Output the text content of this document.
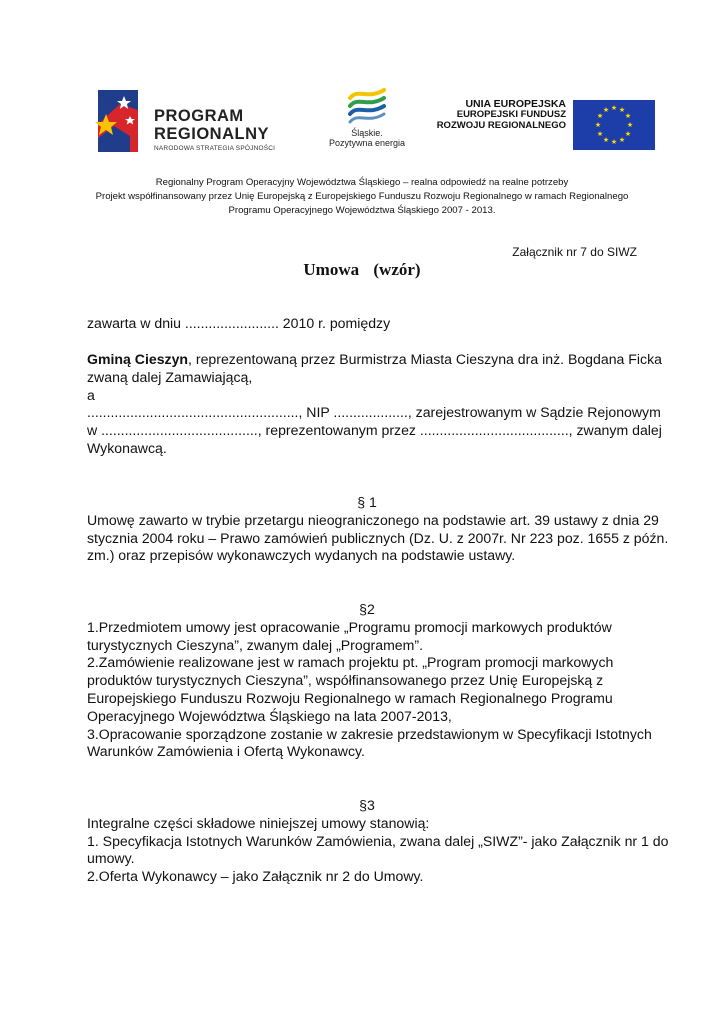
PROGRAM
REGIONALNY
NARODOWA STRATEGIA SPÓJNOŚCI
Śląskie.
Pozytywna energia
UNIA EUROPEJSKA
EUROPEJSKI FUNDUSZ
ROZWOJU REGIONALNEGO
★ ★
★
★
★
★
★
★
★
★
★
★
Regionalny Program Operacyjny Województwa Śląskiego – realna odpowiedź na realne potrzeby
Projekt współfinansowany przez Unię Europejską z Europejskiego Funduszu Rozwoju Regionalnego w ramach Regionalnego
Programu Operacyjnego Województwa Śląskiego 2007 - 2013.
Załącznik nr 7 do SIWZ
Umowa (wzór)

zawarta w dniu ........................ 2010 r. pomiędzy

Gminą Cieszyn, reprezentowaną przez Burmistrza Miasta Cieszyna dra inż. Bogdana Ficka

zwaną dalej Zamawiającą,

a

......................................................, NIP ..................., zarejestrowanym w Sądzie Rejonowym

w ........................................, reprezentowanym przez ......................................, zwanym dalej

Wykonawcą.

§ 1

Umowę zawarto w trybie przetargu nieograniczonego na podstawie art. 39 ustawy z dnia 29

stycznia 2004 roku – Prawo zamówień publicznych (Dz. U. z 2007r. Nr 223 poz. 1655 z późn.

zm.) oraz przepisów wykonawczych wydanych na podstawie ustawy.

§2

1.Przedmiotem umowy jest opracowanie „Programu promocji markowych produktów

turystycznych Cieszyna”, zwanym dalej „Programem”.

2.Zamówienie realizowane jest w ramach projektu pt. „Program promocji markowych

produktów turystycznych Cieszyna”, współfinansowanego przez Unię Europejską z

Europejskiego Funduszu Rozwoju Regionalnego w ramach Regionalnego Programu

Operacyjnego Województwa Śląskiego na lata 2007-2013,

3.Opracowanie sporządzone zostanie w zakresie przedstawionym w Specyfikacji Istotnych

Warunków Zamówienia i Ofertą Wykonawcy.

§3

Integralne części składowe niniejszej umowy stanowią:

1. Specyfikacja Istotnych Warunków Zamówienia, zwana dalej „SIWZ”- jako Załącznik nr 1 do

umowy.

2.Oferta Wykonawcy – jako Załącznik nr 2 do Umowy.
